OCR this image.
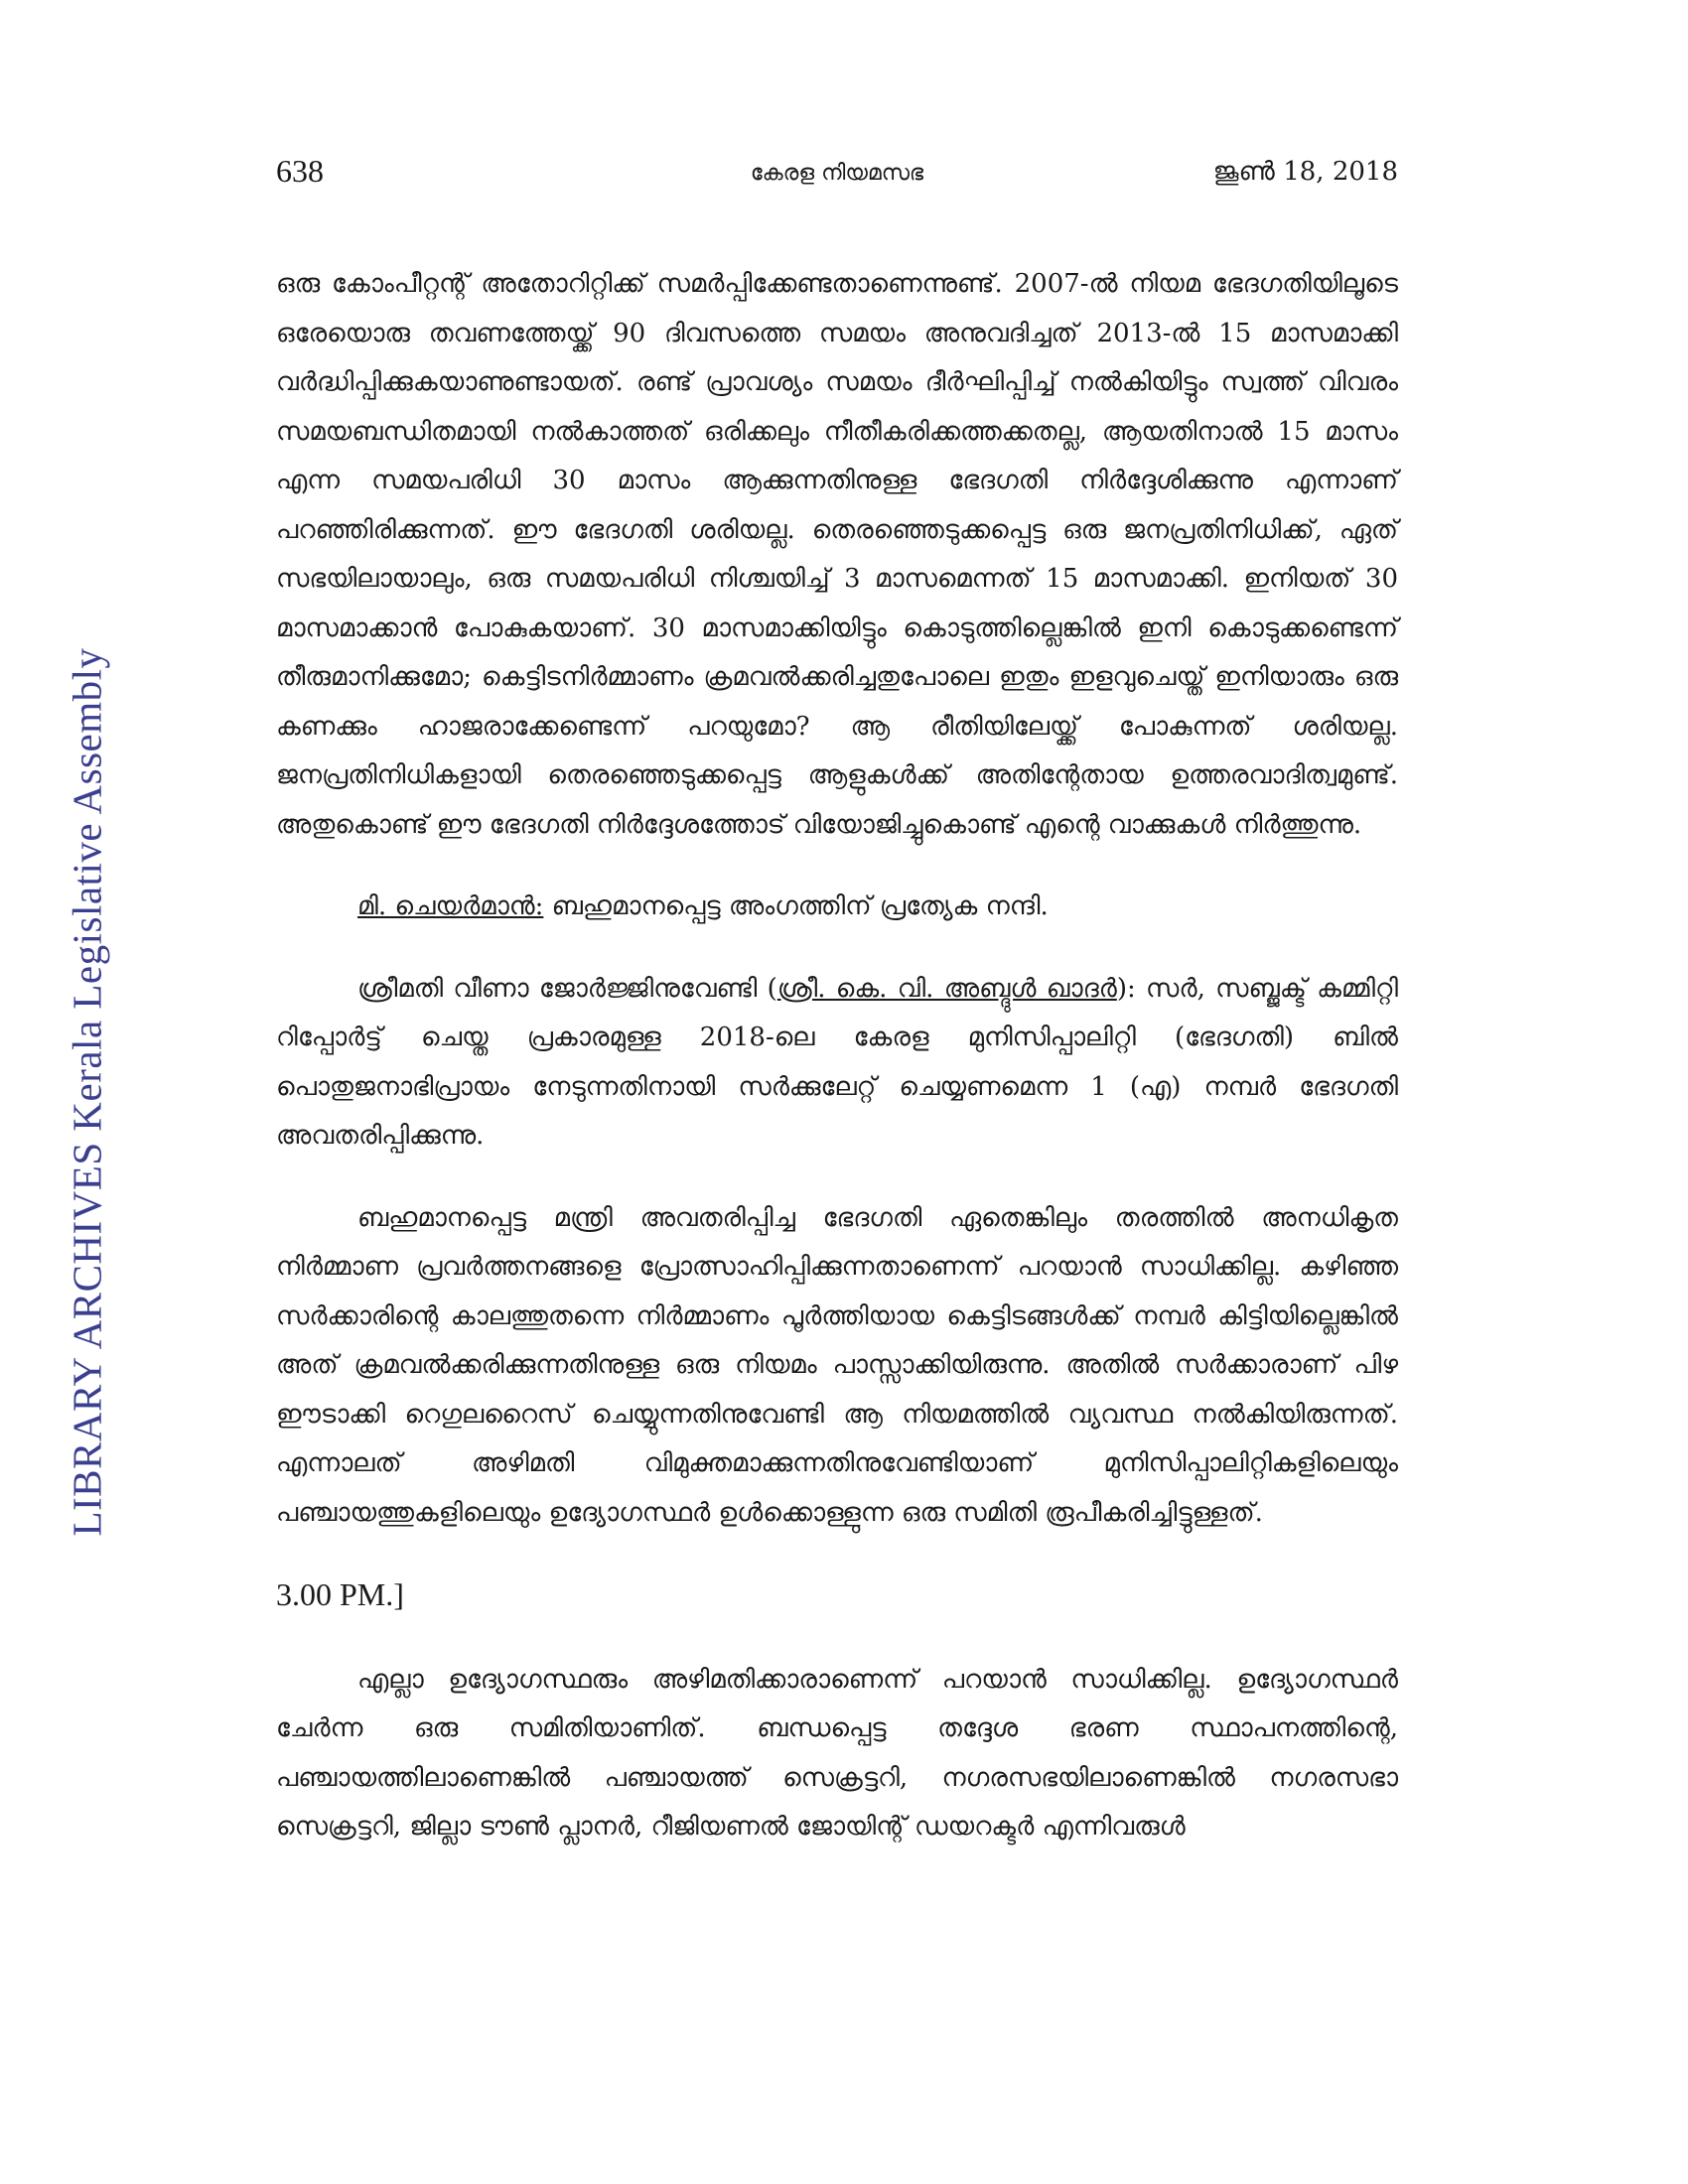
LIBRARY ARCHIVES Kerala Legislative Assembly
638	കേരള നിയമസഭ	ജൂൺ 18, 2018

ഒരു കോംപീറ്റന്റ് അതോറിറ്റിക്ക് സമർപ്പിക്കേണ്ടതാണെന്നുണ്ട്. 2007-ൽ നിയമ ഭേദഗതിയിലൂടെ ഒരേയൊരു തവണത്തേയ്ക്ക് 90 ദിവസത്തെ സമയം അനുവദിച്ചത് 2013-ൽ 15 മാസമാക്കി വർദ്ധിപ്പിക്കുകയാണുണ്ടായത്. രണ്ട് പ്രാവശ്യം സമയം ദീർഘിപ്പിച്ച് നൽകിയിട്ടും സ്വത്ത് വിവരം സമയബന്ധിതമായി നൽകാത്തത് ഒരിക്കലും നീതീകരിക്കത്തക്കതല്ല, ആയതിനാൽ 15 മാസം എന്ന സമയപരിധി 30 മാസം ആക്കുന്നതിനുള്ള ഭേദഗതി നിർദ്ദേശിക്കുന്നു എന്നാണ് പറഞ്ഞിരിക്കുന്നത്. ഈ ഭേദഗതി ശരിയല്ല. തെരഞ്ഞെടുക്കപ്പെട്ട ഒരു ജനപ്രതിനിധിക്ക്, ഏത് സഭയിലായാലും, ഒരു സമയപരിധി നിശ്ചയിച്ച് 3 മാസമെന്നത് 15 മാസമാക്കി. ഇനിയത് 30 മാസമാക്കാൻ പോകുകയാണ്. 30 മാസമാക്കിയിട്ടും കൊടുത്തില്ലെങ്കിൽ ഇനി കൊടുക്കണ്ടെന്ന് തീരുമാനിക്കുമോ; കെട്ടിടനിർമ്മാണം ക്രമവൽക്കരിച്ചതുപോലെ ഇതും ഇളവുചെയ്ത് ഇനിയാരും ഒരു കണക്കും ഹാജരാക്കേണ്ടെന്ന് പറയുമോ? ആ രീതിയിലേയ്ക്ക് പോകുന്നത് ശരിയല്ല. ജനപ്രതിനിധികളായി തെരഞ്ഞെടുക്കപ്പെട്ട ആളുകൾക്ക് അതിന്റേതായ ഉത്തരവാദിത്വമുണ്ട്. അതുകൊണ്ട് ഈ ഭേദഗതി നിർദ്ദേശത്തോട് വിയോജിച്ചുകൊണ്ട് എന്റെ വാക്കുകൾ നിർത്തുന്നു.

മി. ചെയർമാൻ: ബഹുമാനപ്പെട്ട അംഗത്തിന് പ്രത്യേക നന്ദി.

ശ്രീമതി വീണാ ജോർജ്ജിനുവേണ്ടി (ശ്രീ. കെ. വി. അബ്ദുൾ ഖാദർ): സർ, സബ്ജക്ട് കമ്മിറ്റി റിപ്പോർട്ട് ചെയ്ത പ്രകാരമുള്ള 2018-ലെ കേരള മുനിസിപ്പാലിറ്റി (ഭേദഗതി) ബിൽ പൊതുജനാഭിപ്രായം നേടുന്നതിനായി സർക്കുലേറ്റ് ചെയ്യണമെന്ന 1 (എ) നമ്പർ ഭേദഗതി അവതരിപ്പിക്കുന്നു.

ബഹുമാനപ്പെട്ട മന്ത്രി അവതരിപ്പിച്ച ഭേദഗതി ഏതെങ്കിലും തരത്തിൽ അനധികൃത നിർമ്മാണ പ്രവർത്തനങ്ങളെ പ്രോത്സാഹിപ്പിക്കുന്നതാണെന്ന് പറയാൻ സാധിക്കില്ല. കഴിഞ്ഞ സർക്കാരിന്റെ കാലത്തുതന്നെ നിർമ്മാണം പൂർത്തിയായ കെട്ടിടങ്ങൾക്ക് നമ്പർ കിട്ടിയില്ലെങ്കിൽ അത് ക്രമവൽക്കരിക്കുന്നതിനുള്ള ഒരു നിയമം പാസ്സാക്കിയിരുന്നു. അതിൽ സർക്കാരാണ് പിഴ ഈടാക്കി റെഗുലറൈസ് ചെയ്യുന്നതിനുവേണ്ടി ആ നിയമത്തിൽ വ്യവസ്ഥ നൽകിയിരുന്നത്. എന്നാലത് അഴിമതി വിമുക്തമാക്കുന്നതിനുവേണ്ടിയാണ് മുനിസിപ്പാലിറ്റികളിലെയും പഞ്ചായത്തുകളിലെയും ഉദ്യോഗസ്ഥർ ഉൾക്കൊള്ളുന്ന ഒരു സമിതി രൂപീകരിച്ചിട്ടുള്ളത്.

3.00 PM.]

എല്ലാ ഉദ്യോഗസ്ഥരും അഴിമതിക്കാരാണെന്ന് പറയാൻ സാധിക്കില്ല. ഉദ്യോഗസ്ഥർ ചേർന്ന ഒരു സമിതിയാണിത്. ബന്ധപ്പെട്ട തദ്ദേശ ഭരണ സ്ഥാപനത്തിന്റെ, പഞ്ചായത്തിലാണെങ്കിൽ പഞ്ചായത്ത് സെക്രട്ടറി, നഗരസഭയിലാണെങ്കിൽ നഗരസഭാ സെക്രട്ടറി, ജില്ലാ ടൗൺ പ്ലാനർ, റീജിയണൽ ജോയിന്റ് ഡയറക്ടർ എന്നിവരുൾ
